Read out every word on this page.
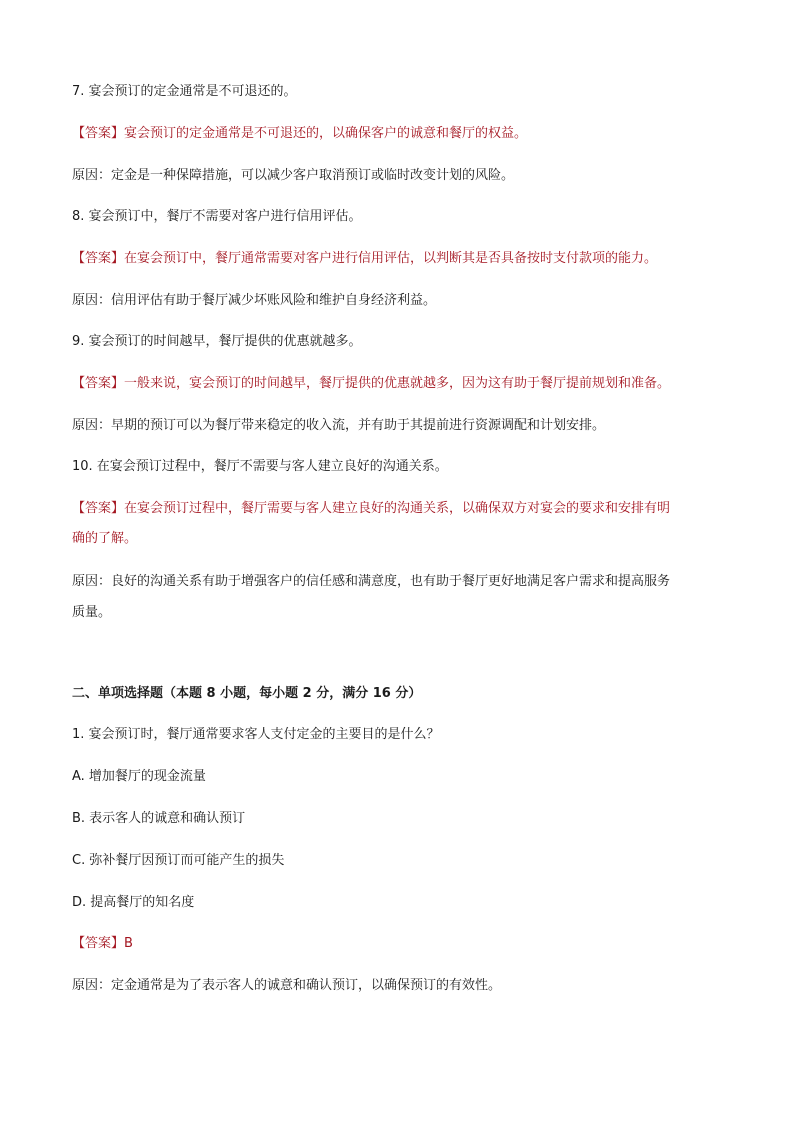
7. 宴会预订的定金通常是不可退还的。
【答案】宴会预订的定金通常是不可退还的，以确保客户的诚意和餐厅的权益。
原因：定金是一种保障措施，可以减少客户取消预订或临时改变计划的风险。
8. 宴会预订中，餐厅不需要对客户进行信用评估。
【答案】在宴会预订中，餐厅通常需要对客户进行信用评估，以判断其是否具备按时支付款项的能力。
原因：信用评估有助于餐厅减少坏账风险和维护自身经济利益。
9. 宴会预订的时间越早，餐厅提供的优惠就越多。
【答案】一般来说，宴会预订的时间越早，餐厅提供的优惠就越多，因为这有助于餐厅提前规划和准备。
原因：早期的预订可以为餐厅带来稳定的收入流，并有助于其提前进行资源调配和计划安排。
10. 在宴会预订过程中，餐厅不需要与客人建立良好的沟通关系。
【答案】在宴会预订过程中，餐厅需要与客人建立良好的沟通关系，以确保双方对宴会的要求和安排有明
确的了解。
原因：良好的沟通关系有助于增强客户的信任感和满意度，也有助于餐厅更好地满足客户需求和提高服务
质量。
二、单项选择题（本题 8 小题，每小题 2 分，满分 16 分）
1. 宴会预订时，餐厅通常要求客人支付定金的主要目的是什么？
A. 增加餐厅的现金流量
B. 表示客人的诚意和确认预订
C. 弥补餐厅因预订而可能产生的损失
D. 提高餐厅的知名度
【答案】B
原因：定金通常是为了表示客人的诚意和确认预订，以确保预订的有效性。
